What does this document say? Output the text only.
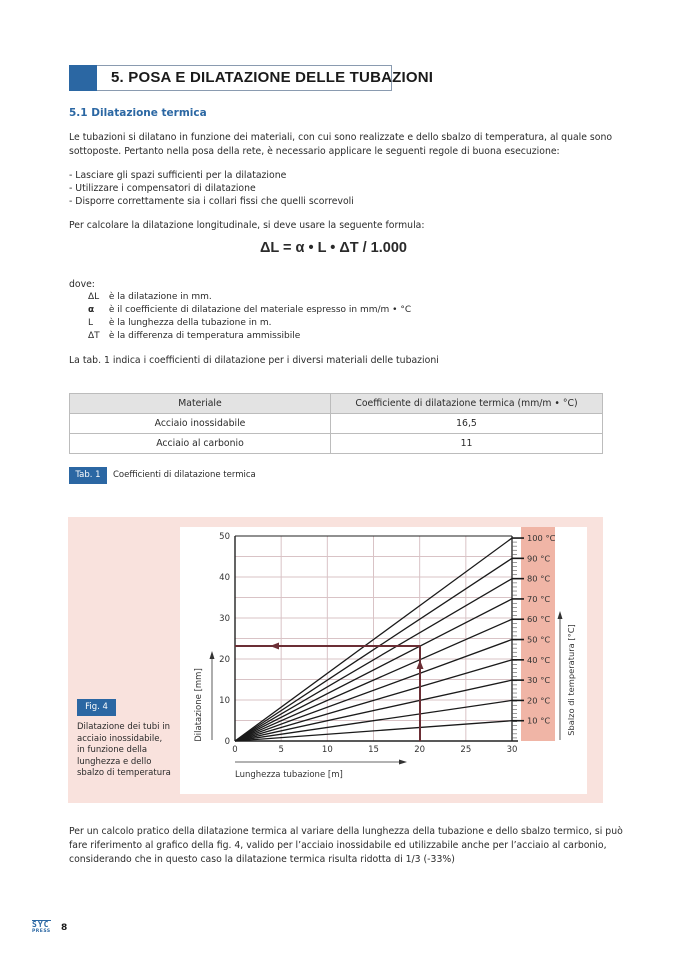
5. POSA E DILATAZIONE DELLE TUBAZIONI
5.1 Dilatazione termica
Le tubazioni si dilatano in funzione dei materiali, con cui sono realizzate e dello sbalzo di temperatura, al quale sono
sottoposte. Pertanto nella posa della rete, è necessario applicare le seguenti regole di buona esecuzione:
- Lasciare gli spazi sufficienti per la dilatazione
- Utilizzare i compensatori di dilatazione
- Disporre correttamente sia i collari fissi che quelli scorrevoli
Per calcolare la dilatazione longitudinale, si deve usare la seguente formula:
ΔL = α • L • ΔT / 1.000
dove:
ΔL è la dilatazione in mm.
α è il coefficiente di dilatazione del materiale espresso in mm/m • °C
L è la lunghezza della tubazione in m.
ΔT è la differenza di temperatura ammissibile
La tab. 1 indica i coefficienti di dilatazione per i diversi materiali delle tubazioni
Materiale	Coefficiente di dilatazione termica (mm/m • °C)
Acciaio inossidabile	16,5
Acciaio al carbonio	11
Tab. 1	Coefficienti di dilatazione termica
Fig. 4
Dilatazione dei tubi in
acciaio inossidabile,
in funzione della
lunghezza e dello
sbalzo di temperatura
0
10
20
30
40
50
0	5	10	15	20	25	30
10 °C
20 °C
30 °C
40 °C
50 °C
60 °C
70 °C
80 °C
90 °C
100 °C
Dilatazione [mm]
Lunghezza tubazione [m]
Sbalzo di temperatura [°C]
Per un calcolo pratico della dilatazione termica al variare della lunghezza della tubazione e dello sbalzo termico, si può
fare riferimento al grafico della fig. 4, valido per l’acciaio inossidabile ed utilizzabile anche per l’acciaio al carbonio,
considerando che in questo caso la dilatazione termica risulta ridotta di 1/3 (-33%)
SYC
PRESS 8
